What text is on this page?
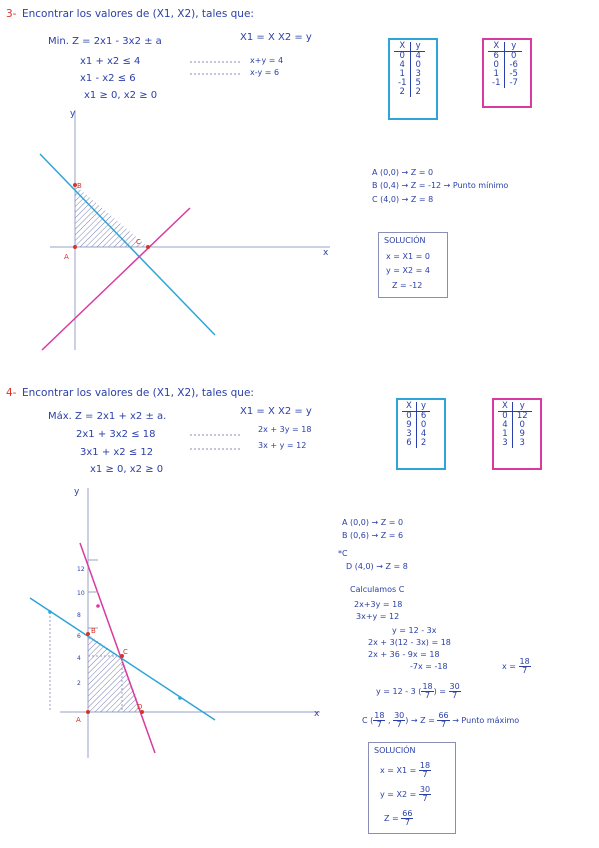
3- Encontrar los valores de (X1, X2), tales que:
Min. Z = 2x1 - 3x2 ± a	X1 = X X2 = y
x1 + x2 ≤ 4
x1 - x2 ≤ 6
x1 ≥ 0, x2 ≥ 0
x+y = 4
x-y = 6
X	y
0	4
4	0
1	3
-1	5
2	2
X	y
6	0
0	-6
1	-5
-1	-7
y
x
A
B
C
A (0,0) → Z = 0
B (0,4) → Z = -12 → Punto mínimo
C (4,0) → Z = 8
SOLUCIÓN
x = X1 = 0
y = X2 = 4
Z = -12
4- Encontrar los valores de (X1, X2), tales que:
Máx. Z = 2x1 + x2 ± a.	X1 = X X2 = y
2x1 + 3x2 ≤ 18
3x1 + x2 ≤ 12
x1 ≥ 0, x2 ≥ 0
2x + 3y = 18
3x + y = 12
X	y
0	6
9	0
3	4
6	2
X	y
0	12
4	0
1	9
3	3
y
x
12
10
8
6
4
2
A
B
C
D
A (0,0) → Z = 0
B (0,6) → Z = 6
*C
D (4,0) → Z = 8
Calculamos C
2x+3y = 18
3x+y = 12
y = 12 - 3x
2x + 3(12 - 3x) = 18
2x + 36 - 9x = 18
-7x = -18	$x = \frac{18}{7}$
y = 12 - 3 ( $\frac{18}{7}$ ) = $\frac{30}{7}$
C ( $\frac{18}{7}$ , $\frac{30}{7}$ ) → $Z = \frac{66}{7}$ → Punto máximo
SOLUCIÓN
$x = X1 = \frac{18}{7}$
$y = X2 = \frac{30}{7}$
$Z = \frac{66}{7}$
